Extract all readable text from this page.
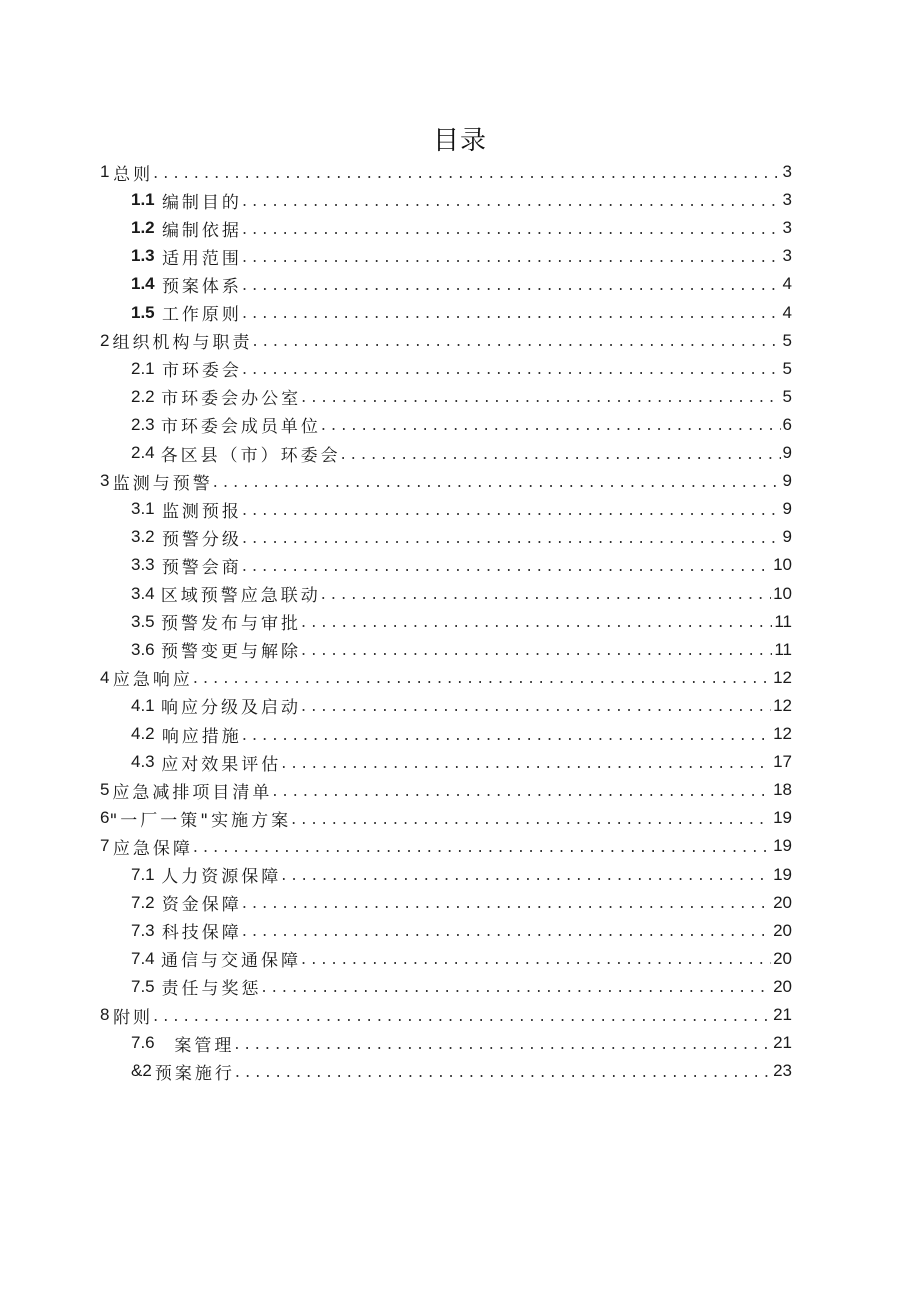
目录
1 总则 . . .	3
1.1 编制目的 . . .	3
1.2 编制依据 . . .	3
1.3 适用范围 . . .	3
1.4 预案体系 . . .	4
1.5 工作原则 . . .	4
2 组织机构与职责 . . .	5
2.1 市环委会 . . .	5
2.2 市环委会办公室 . . .	5
2.3 市环委会成员单位 . . .	6
2.4 各区县（市）环委会 . . .	9
3 监测与预警 . . .	9
3.1 监测预报 . . .	9
3.2 预警分级 . . .	9
3.3 预警会商 . . .	10
3.4 区域预警应急联动 . . .	10
3.5 预警发布与审批 . . .	11
3.6 预警变更与解除 . . .	11
4 应急响应 . . .	12
4.1 响应分级及启动 . . .	12
4.2 响应措施 . . .	12
4.3 应对效果评估 . . .	17
5 应急减排项目清单 . . .	18
6 "一厂一策"实施方案 . . .	19
7 应急保障 . . .	19
7.1 人力资源保障 . . .	19
7.2 资金保障 . . .	20
7.3 科技保障 . . .	20
7.4 通信与交通保障 . . .	20
7.5 责任与奖惩 . . .	20
8 附则 . . .	21
7.6 案管理 . . .	21
&2 预案施行 . . .	23
